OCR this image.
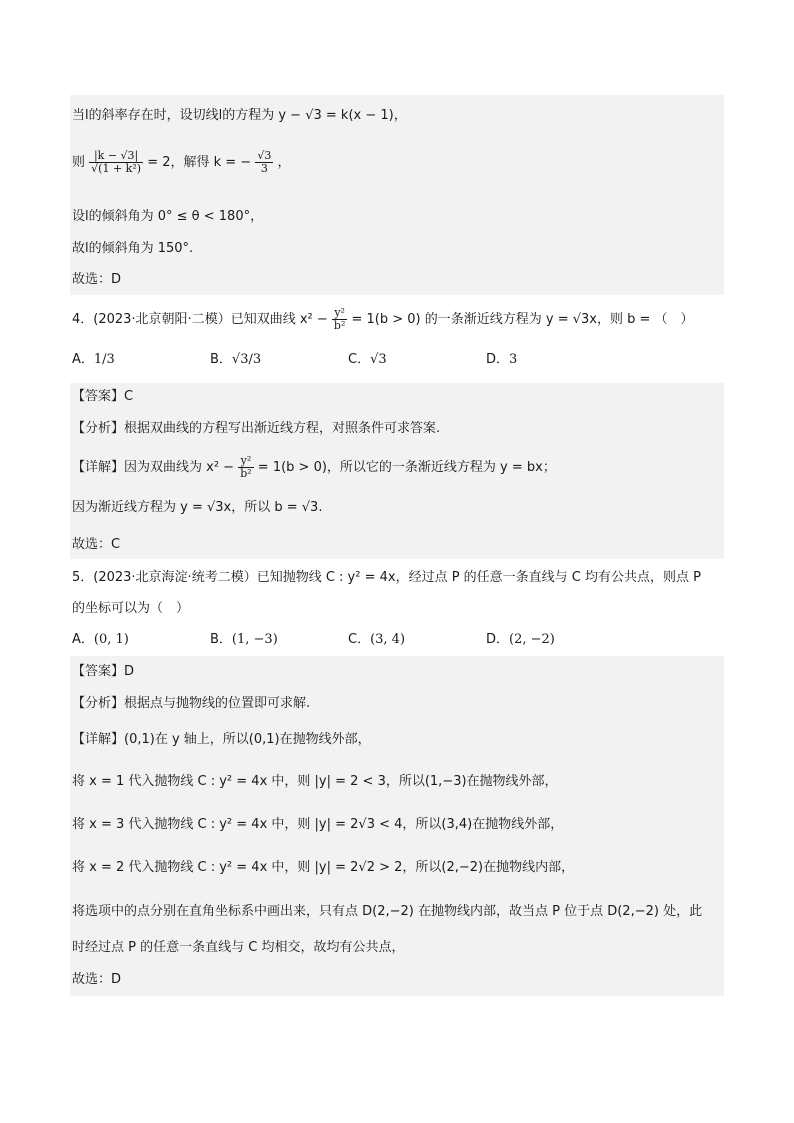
当l的斜率存在时，设切线l的方程为 y − √3 = k(x − 1)，
则 $\frac{|k - √3|}{\text{√(1 + k²)}} = 2$，解得 k = − $\frac{√3}{3}$ ，
设l的倾斜角为 0° ≤ θ < 180°，
故l的倾斜角为 150°.
故选：D
4．(2023·北京朝阳·二模）已知双曲线 $x^2 - \frac{\text{y²}}{\text{b²}} = 1(b > 0)$ 的一条渐近线方程为 y = √3x，则 b = （　）
A．1/3	B．√3/3	C．√3	D．3
【答案】C
【分析】根据双曲线的方程写出渐近线方程，对照条件可求答案.
【详解】因为双曲线为 $x^2 - \frac{\text{y²}}{\text{b²}} = 1(b > 0)$，所以它的一条渐近线方程为 y = bx；
因为渐近线方程为 y = √3x，所以 b = √3.
故选：C
5．(2023·北京海淀·统考二模）已知抛物线 C : y² = 4x，经过点 P 的任意一条直线与 C 均有公共点，则点 P
的坐标可以为（　）
A．(0, 1)	B．(1, −3)	C．(3, 4)	D．(2, −2)
【答案】D
【分析】根据点与抛物线的位置即可求解.
【详解】(0,1)在 y 轴上，所以(0,1)在抛物线外部，
将 x = 1 代入抛物线 C : y² = 4x 中，则 |y| = 2 < 3，所以(1,−3)在抛物线外部，
将 x = 3 代入抛物线 C : y² = 4x 中，则 |y| = 2√3 < 4，所以(3,4)在抛物线外部，
将 x = 2 代入抛物线 C : y² = 4x 中，则 |y| = 2√2 > 2，所以(2,−2)在抛物线内部，
将选项中的点分别在直角坐标系中画出来，只有点 D(2,−2) 在抛物线内部，故当点 P 位于点 D(2,−2) 处，此
时经过点 P 的任意一条直线与 C 均相交，故均有公共点，
故选：D
